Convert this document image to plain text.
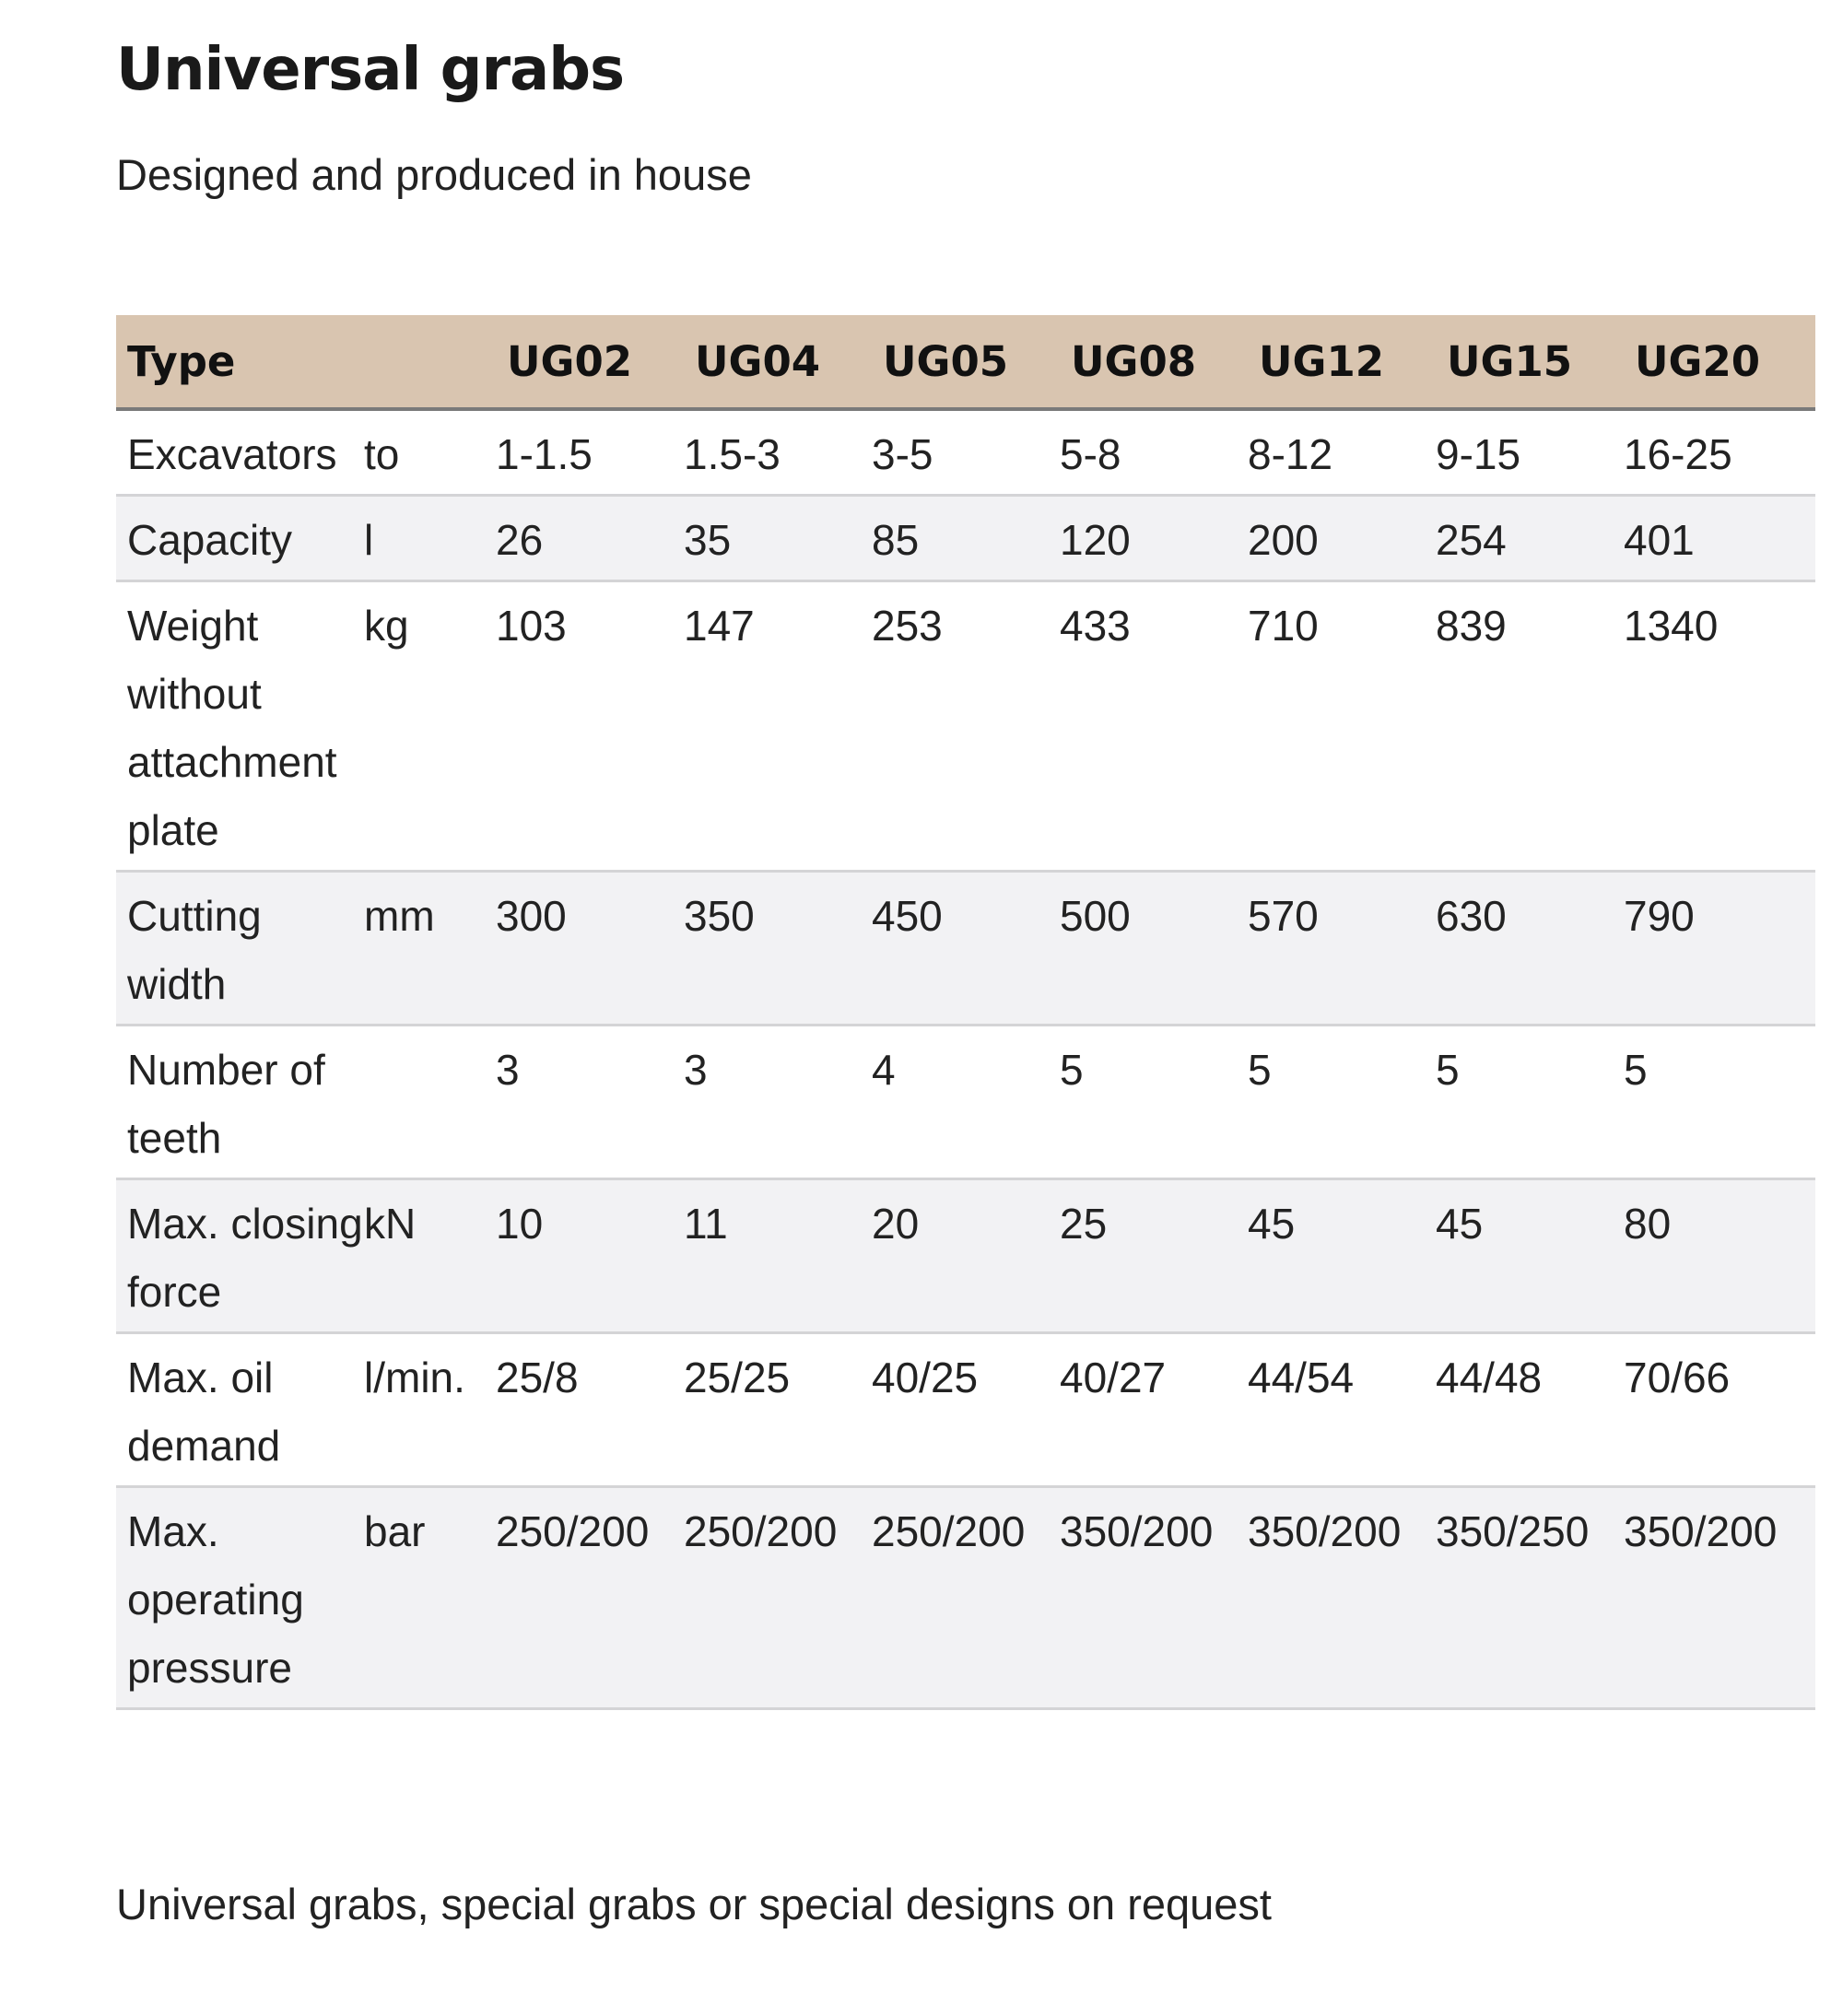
Universal grabs
Designed and produced in house
Type		UG02	UG04	UG05	UG08	UG12	UG15	UG20
Excavators	to	1-1.5	1.5-3	3-5	5-8	8-12	9-15	16-25
Capacity	l	26	35	85	120	200	254	401
Weight without attachment plate	kg	103	147	253	433	710	839	1340
Cutting width	mm	300	350	450	500	570	630	790
Number of teeth		3	3	4	5	5	5	5
Max. closing force	kN	10	11	20	25	45	45	80
Max. oil demand	l/min.	25/8	25/25	40/25	40/27	44/54	44/48	70/66
Max. operating pressure	bar	250/200	250/200	250/200	350/200	350/200	350/250	350/200
Universal grabs, special grabs or special designs on request
